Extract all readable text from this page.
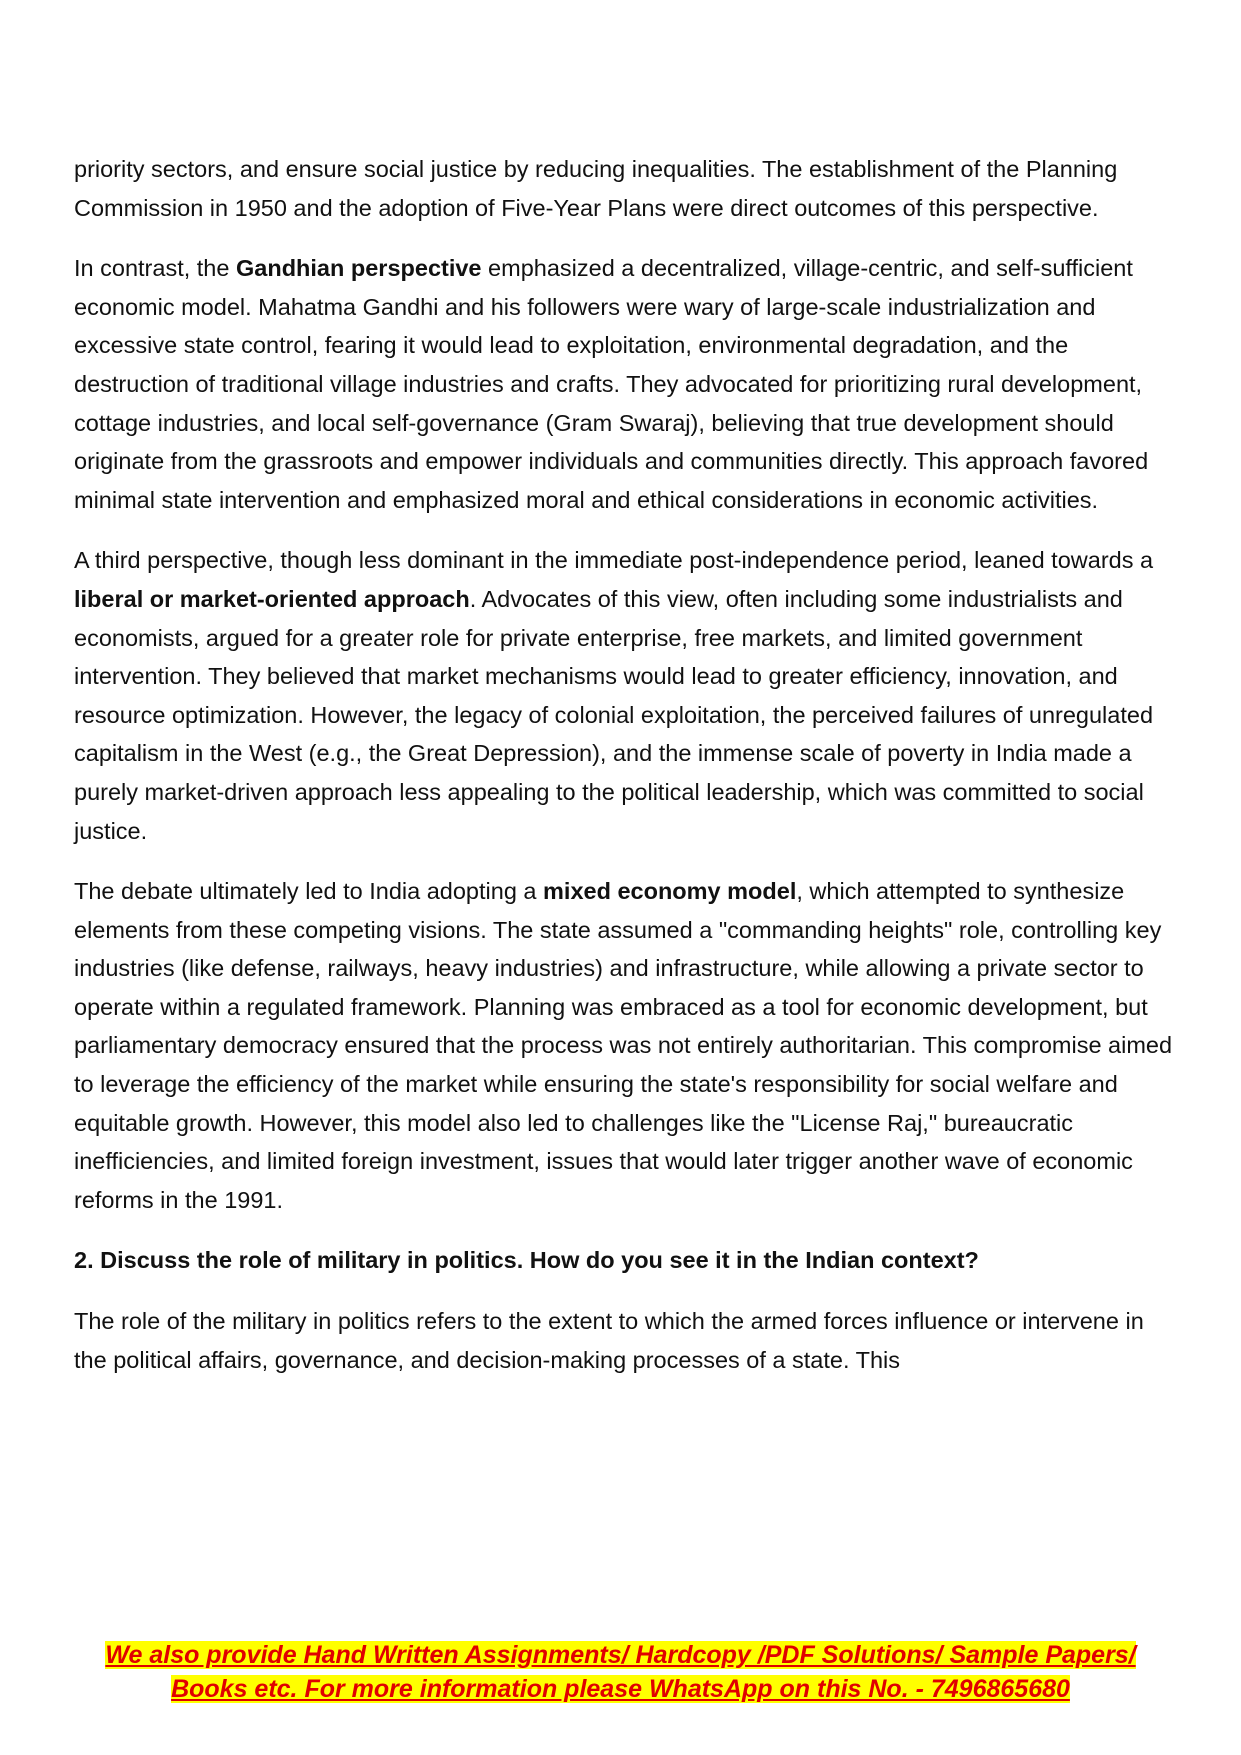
priority sectors, and ensure social justice by reducing inequalities. The establishment of the Planning Commission in 1950 and the adoption of Five-Year Plans were direct outcomes of this perspective.

In contrast, the Gandhian perspective emphasized a decentralized, village-centric, and self-sufficient economic model. Mahatma Gandhi and his followers were wary of large-scale industrialization and excessive state control, fearing it would lead to exploitation, environmental degradation, and the destruction of traditional village industries and crafts. They advocated for prioritizing rural development, cottage industries, and local self-governance (Gram Swaraj), believing that true development should originate from the grassroots and empower individuals and communities directly. This approach favored minimal state intervention and emphasized moral and ethical considerations in economic activities.

A third perspective, though less dominant in the immediate post-independence period, leaned towards a liberal or market-oriented approach. Advocates of this view, often including some industrialists and economists, argued for a greater role for private enterprise, free markets, and limited government intervention. They believed that market mechanisms would lead to greater efficiency, innovation, and resource optimization. However, the legacy of colonial exploitation, the perceived failures of unregulated capitalism in the West (e.g., the Great Depression), and the immense scale of poverty in India made a purely market-driven approach less appealing to the political leadership, which was committed to social justice.

The debate ultimately led to India adopting a mixed economy model, which attempted to synthesize elements from these competing visions. The state assumed a "commanding heights" role, controlling key industries (like defense, railways, heavy industries) and infrastructure, while allowing a private sector to operate within a regulated framework. Planning was embraced as a tool for economic development, but parliamentary democracy ensured that the process was not entirely authoritarian. This compromise aimed to leverage the efficiency of the market while ensuring the state's responsibility for social welfare and equitable growth. However, this model also led to challenges like the "License Raj," bureaucratic inefficiencies, and limited foreign investment, issues that would later trigger another wave of economic reforms in the 1991.

2. Discuss the role of military in politics. How do you see it in the Indian context?

The role of the military in politics refers to the extent to which the armed forces influence or intervene in the political affairs, governance, and decision-making processes of a state. This

We also provide Hand Written Assignments/ Hardcopy /PDF Solutions/ Sample Papers/
Books etc. For more information please WhatsApp on this No. - 7496865680
